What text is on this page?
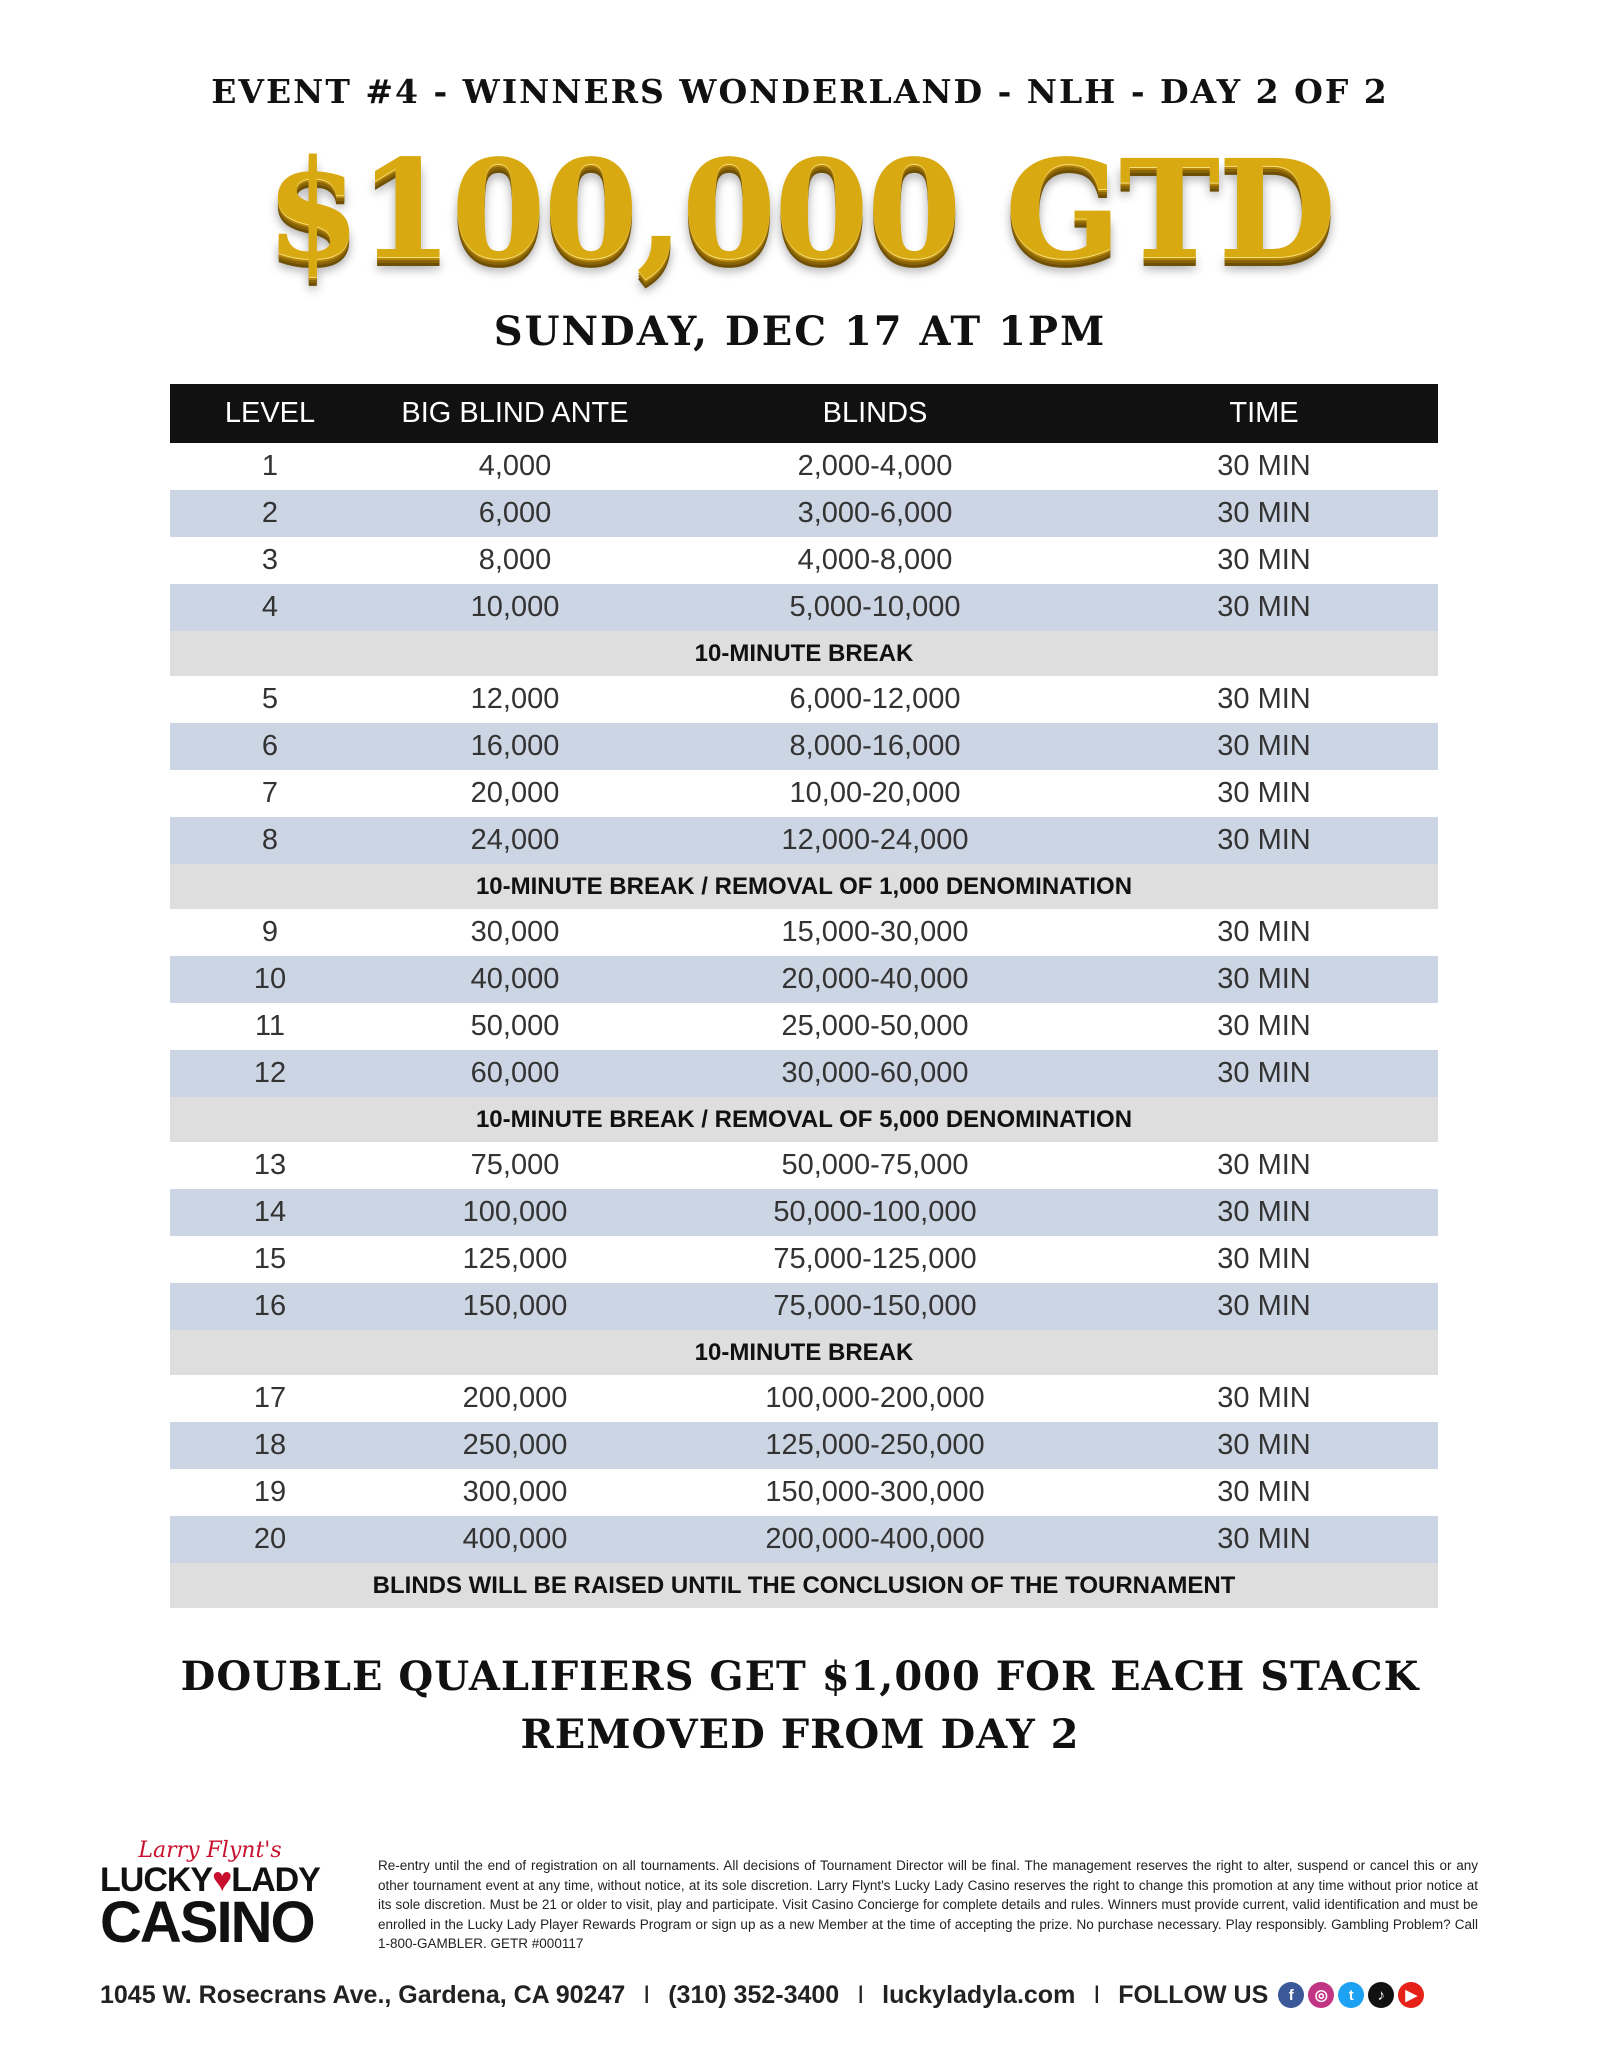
EVENT #4 - WINNERS WONDERLAND - NLH - DAY 2 OF 2
$100,000 GTD
SUNDAY, DEC 17 AT 1PM
LEVEL	BIG BLIND ANTE	BLINDS	TIME
1	4,000	2,000-4,000	30 MIN
2	6,000	3,000-6,000	30 MIN
3	8,000	4,000-8,000	30 MIN
4	10,000	5,000-10,000	30 MIN
10-MINUTE BREAK			
5	12,000	6,000-12,000	30 MIN
6	16,000	8,000-16,000	30 MIN
7	20,000	10,00-20,000	30 MIN
8	24,000	12,000-24,000	30 MIN
10-MINUTE BREAK / REMOVAL OF 1,000 DENOMINATION			
9	30,000	15,000-30,000	30 MIN
10	40,000	20,000-40,000	30 MIN
11	50,000	25,000-50,000	30 MIN
12	60,000	30,000-60,000	30 MIN
10-MINUTE BREAK / REMOVAL OF 5,000 DENOMINATION			
13	75,000	50,000-75,000	30 MIN
14	100,000	50,000-100,000	30 MIN
15	125,000	75,000-125,000	30 MIN
16	150,000	75,000-150,000	30 MIN
10-MINUTE BREAK			
17	200,000	100,000-200,000	30 MIN
18	250,000	125,000-250,000	30 MIN
19	300,000	150,000-300,000	30 MIN
20	400,000	200,000-400,000	30 MIN
BLINDS WILL BE RAISED UNTIL THE CONCLUSION OF THE TOURNAMENT			
DOUBLE QUALIFIERS GET $1,000 FOR EACH STACK
REMOVED FROM DAY 2
Larry Flynt's
LUCKY♥LADY
CASINO
Re-entry until the end of registration on all tournaments. All decisions of Tournament Director will be final. The management reserves the right to alter, suspend or cancel this or any other tournament event at any time, without notice, at its sole discretion. Larry Flynt's Lucky Lady Casino reserves the right to change this promotion at any time without prior notice at its sole discretion. Must be 21 or older to visit, play and participate. Visit Casino Concierge for complete details and rules. Winners must provide current, valid identification and must be enrolled in the Lucky Lady Player Rewards Program or sign up as a new Member at the time of accepting the prize. No purchase necessary. Play responsibly. Gambling Problem? Call 1-800-GAMBLER. GETR #000117
1045 W. Rosecrans Ave., Gardena, CA 90247 I (310) 352-3400 I luckyladyla.com I FOLLOW US	f	◎	t	♪	▶
